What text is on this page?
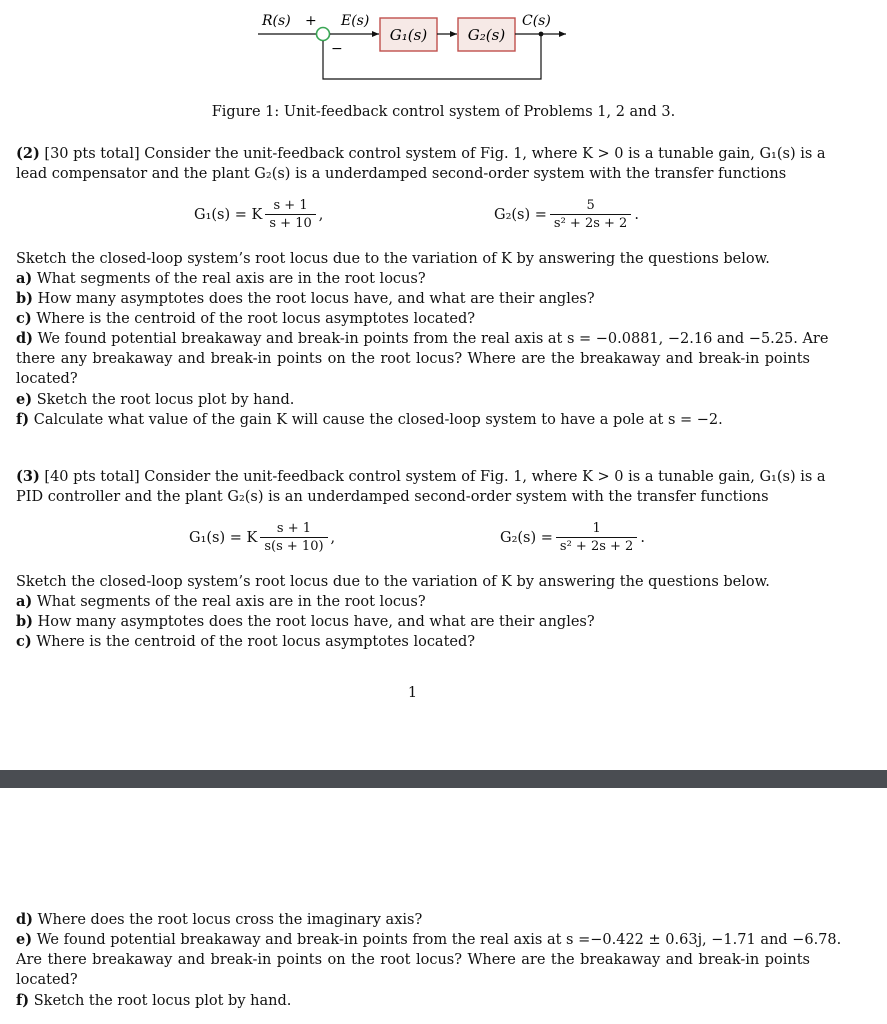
R(s) + E(s)
−
G₁(s)	G₂(s)
C(s)
Figure 1: Unit-feedback control system of Problems 1, 2 and 3.
(2) [30 pts total] Consider the unit-feedback control system of Fig. 1, where K > 0 is a tunable gain, G₁(s) is a
lead compensator and the plant G₂(s) is a underdamped second-order system with the transfer functions
G₁(s) = K $\frac{s + 1}{s + 10}$ ,	$G_2(s) = \frac{5}{\text{s² + 2s + 2}}$ .
Sketch the closed-loop system’s root locus due to the variation of K by answering the questions below.
a) What segments of the real axis are in the root locus?
b) How many asymptotes does the root locus have, and what are their angles?
c) Where is the centroid of the root locus asymptotes located?
d) We found potential breakaway and break-in points from the real axis at s = −0.0881, −2.16 and −5.25. Are
there any breakaway and break-in points on the root locus? Where are the breakaway and break-in points
located?
e) Sketch the root locus plot by hand.
f) Calculate what value of the gain K will cause the closed-loop system to have a pole at s = −2.
(3) [40 pts total] Consider the unit-feedback control system of Fig. 1, where K > 0 is a tunable gain, G₁(s) is a
PID controller and the plant G₂(s) is an underdamped second-order system with the transfer functions
G₁(s) = K $\frac{s + 1}{s(s + 10)}$ ,	$G_2(s) = \frac{1}{\text{s² + 2s + 2}}$ .
Sketch the closed-loop system’s root locus due to the variation of K by answering the questions below.
a) What segments of the real axis are in the root locus?
b) How many asymptotes does the root locus have, and what are their angles?
c) Where is the centroid of the root locus asymptotes located?
1
d) Where does the root locus cross the imaginary axis?
e) We found potential breakaway and break-in points from the real axis at s =−0.422 ± 0.63j, −1.71 and −6.78.
Are there breakaway and break-in points on the root locus? Where are the breakaway and break-in points
located?
f) Sketch the root locus plot by hand.
